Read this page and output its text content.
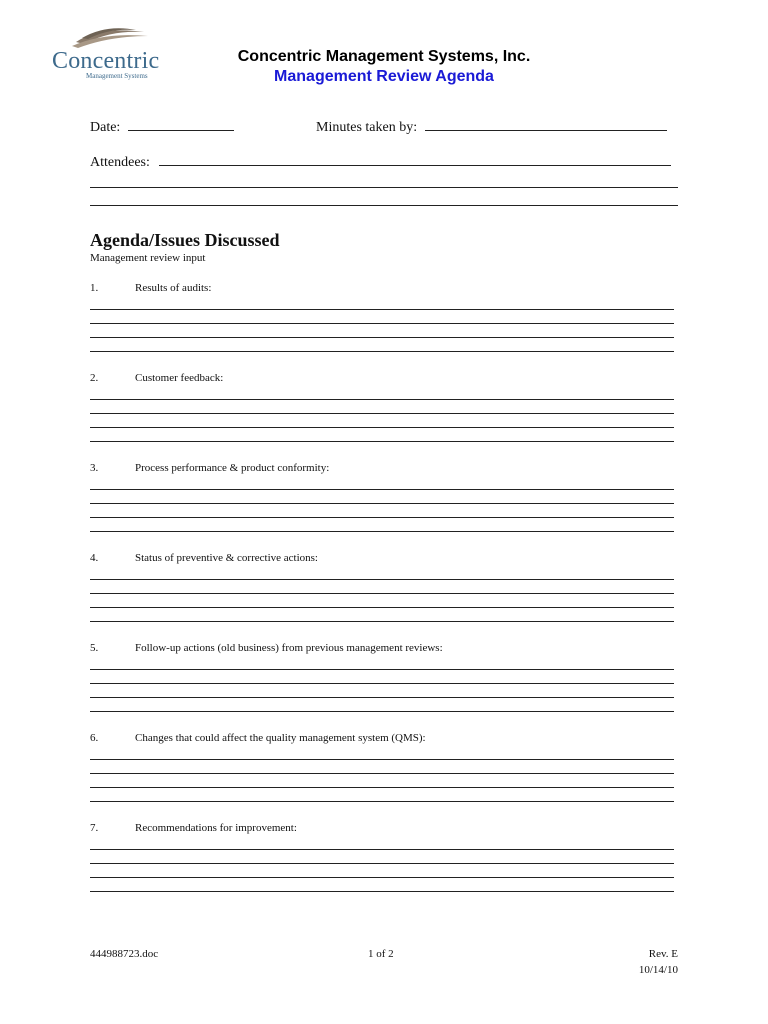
Concentric
Management Systems
Concentric Management Systems, Inc.
Management Review Agenda
Date:	Minutes taken by:
Attendees:
Agenda/Issues Discussed
Management review input
1.	Results of audits:
2.	Customer feedback:
3.	Process performance & product conformity:
4.	Status of preventive & corrective actions:
5.	Follow-up actions (old business) from previous management reviews:
6.	Changes that could affect the quality management system (QMS):
7.	Recommendations for improvement:
444988723.doc	1 of 2	Rev. E
10/14/10
